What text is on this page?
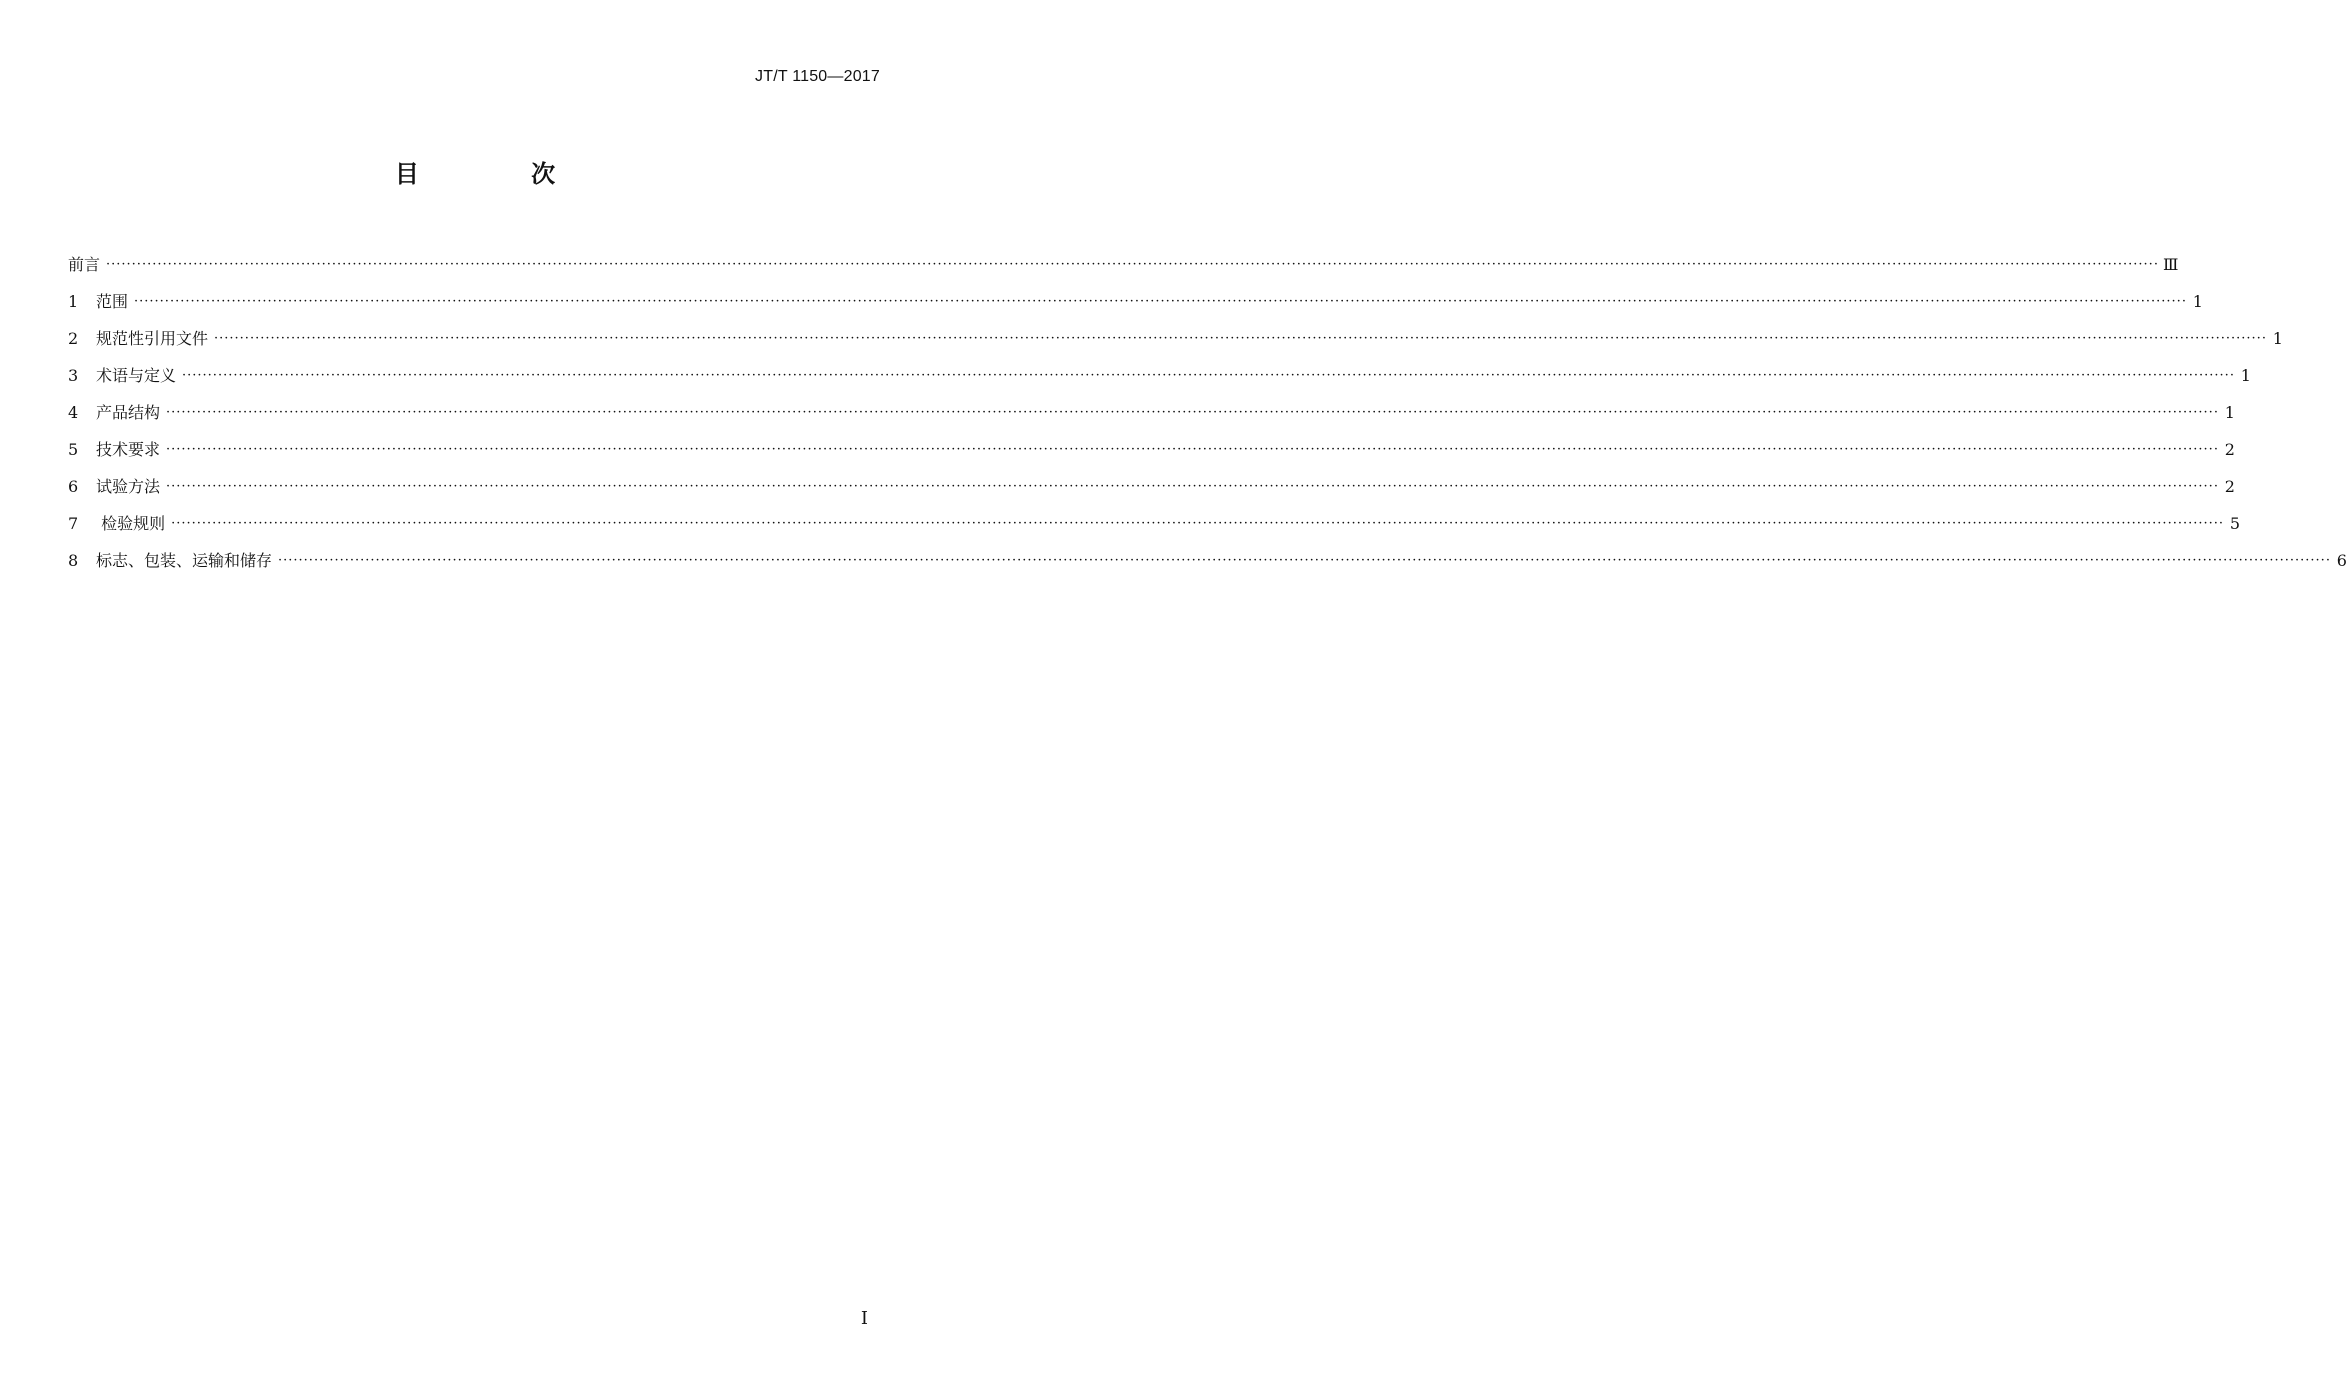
JT/T 1150—2017
目 次
前言 ················································································································································································································································································································································································································ Ⅲ
1	范围 ················································································································································································································································································································································································································ 1
2	规范性引用文件 ················································································································································································································································································································································································································ 1
3	术语与定义 ················································································································································································································································································································································································································ 1
4	产品结构 ················································································································································································································································································································································································································ 1
5	技术要求 ················································································································································································································································································································································································································ 2
6	试验方法 ················································································································································································································································································································································································································ 2
7	检验规则 ················································································································································································································································································································································································································ 5
8	标志、包装、运输和储存 ················································································································································································································································································································································································································ 6
I
